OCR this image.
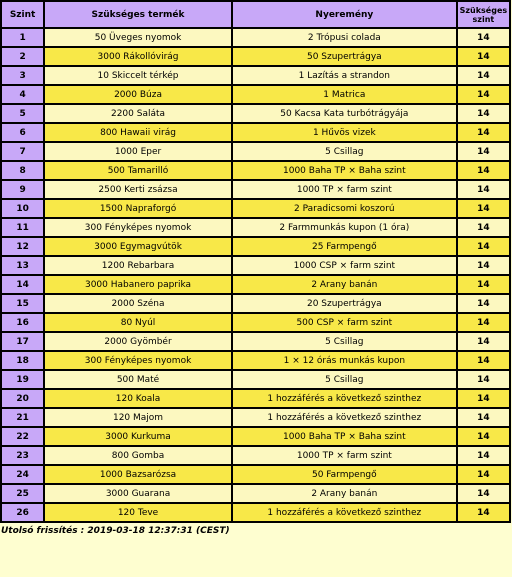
Szint	Szükséges termék	Nyeremény	Szükséges szint
1	50 Üveges nyomok	2 Trópusi colada	14
2	3000 Rákollóvirág	50 Szupertrágya	14
3	10 Skiccelt térkép	1 Lazítás a strandon	14
4	2000 Búza	1 Matrica	14
5	2200 Saláta	50 Kacsa Kata turbótrágyája	14
6	800 Hawaii virág	1 Hűvös vizek	14
7	1000 Eper	5 Csillag	14
8	500 Tamarilló	1000 Baha TP × Baha szint	14
9	2500 Kerti zsázsa	1000 TP × farm szint	14
10	1500 Napraforgó	2 Paradicsomi koszorú	14
11	300 Fényképes nyomok	2 Farmmunkás kupon (1 óra)	14
12	3000 Egymagvútök	25 Farmpengő	14
13	1200 Rebarbara	1000 CSP × farm szint	14
14	3000 Habanero paprika	2 Arany banán	14
15	2000 Széna	20 Szupertrágya	14
16	80 Nyúl	500 CSP × farm szint	14
17	2000 Gyömbér	5 Csillag	14
18	300 Fényképes nyomok	1 × 12 órás munkás kupon	14
19	500 Maté	5 Csillag	14
20	120 Koala	1 hozzáférés a következő szinthez	14
21	120 Majom	1 hozzáférés a következő szinthez	14
22	3000 Kurkuma	1000 Baha TP × Baha szint	14
23	800 Gomba	1000 TP × farm szint	14
24	1000 Bazsarózsa	50 Farmpengő	14
25	3000 Guarana	2 Arany banán	14
26	120 Teve	1 hozzáférés a következő szinthez	14
Utolsó frissítés : 2019-03-18 12:37:31 (CEST)
